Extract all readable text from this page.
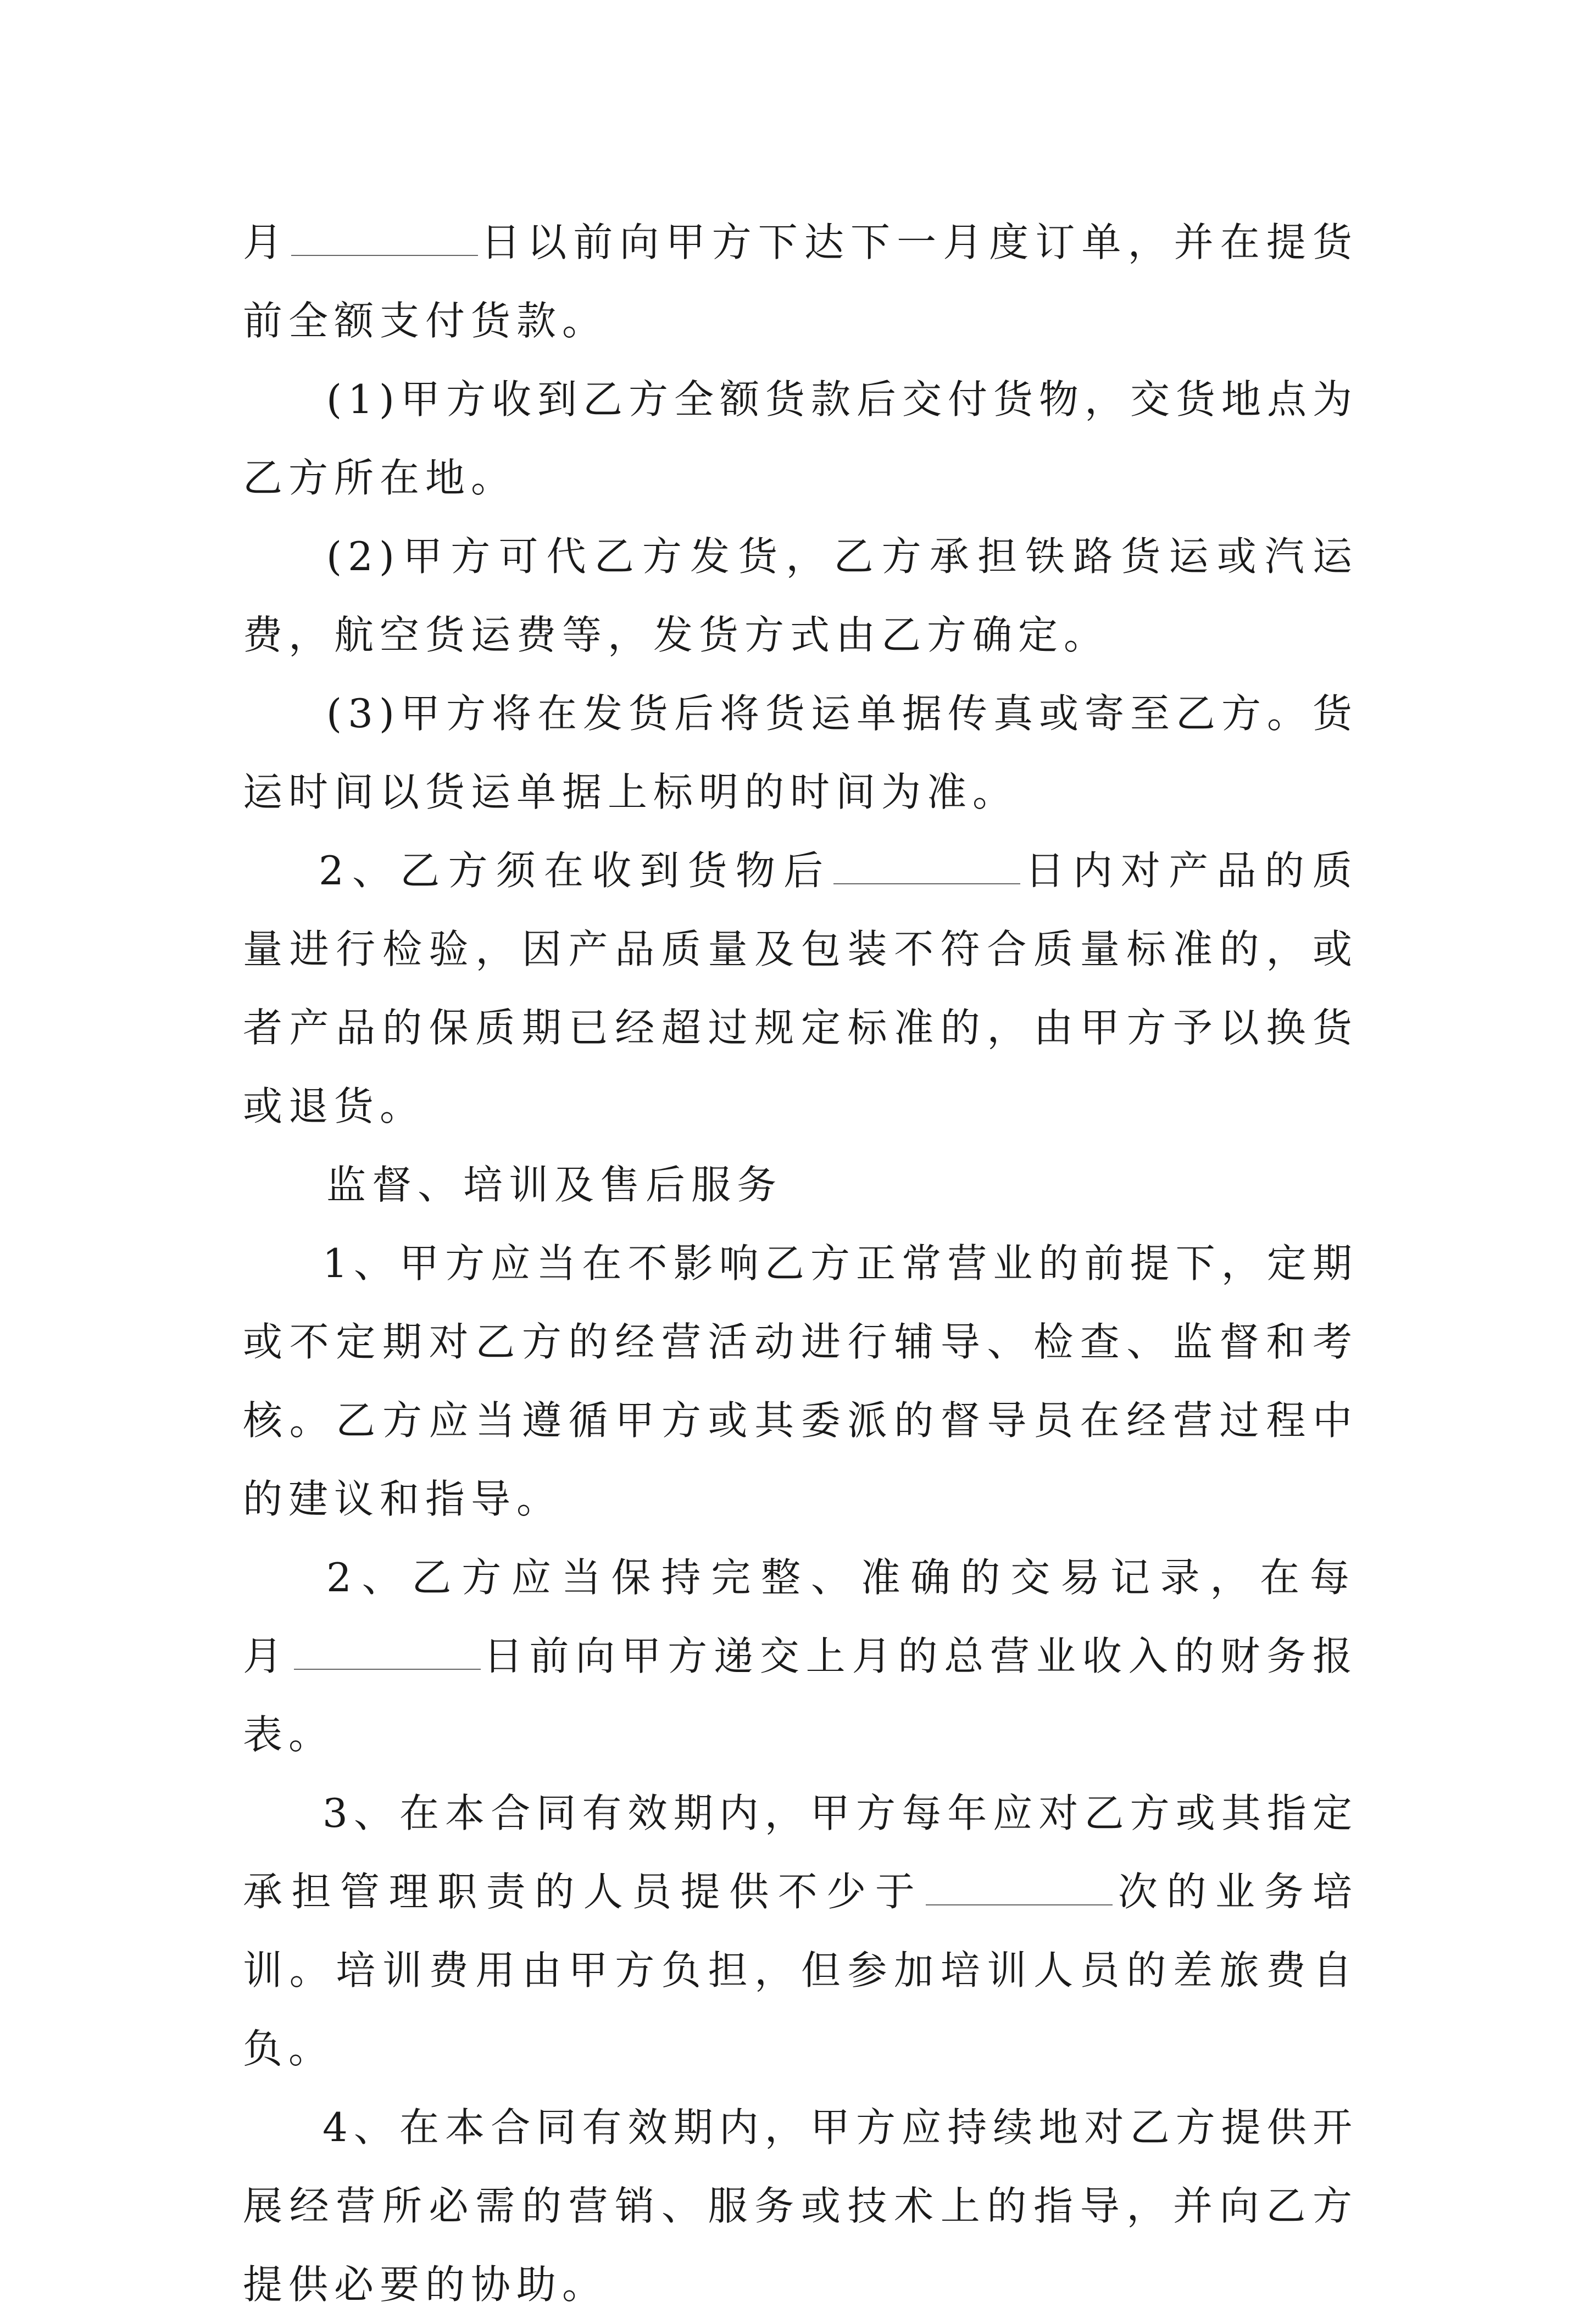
月	日以前向甲方下达下一月度订单，并在提货前全额支付货款。

(1)甲方收到乙方全额货款后交付货物，交货地点为乙方所在地。

(2)甲方可代乙方发货，乙方承担铁路货运或汽运费，航空货运费等，发货方式由乙方确定。

(3)甲方将在发货后将货运单据传真或寄至乙方。货运时间以货运单据上标明的时间为准。

2、乙方须在收到货物后	日内对产品的质量进行检验，因产品质量及包装不符合质量标准的，或者产品的保质期已经超过规定标准的，由甲方予以换货或退货。

监督、培训及售后服务

1、甲方应当在不影响乙方正常营业的前提下，定期或不定期对乙方的经营活动进行辅导、检查、监督和考核。乙方应当遵循甲方或其委派的督导员在经营过程中的建议和指导。

2、乙方应当保持完整、准确的交易记录，在每月	日前向甲方递交上月的总营业收入的财务报表。

3、在本合同有效期内，甲方每年应对乙方或其指定承担管理职责的人员提供不少于	次的业务培训。培训费用由甲方负担，但参加培训人员的差旅费自负。

4、在本合同有效期内，甲方应持续地对乙方提供开展经营所必需的营销、服务或技术上的指导，并向乙方提供必要的协助。
